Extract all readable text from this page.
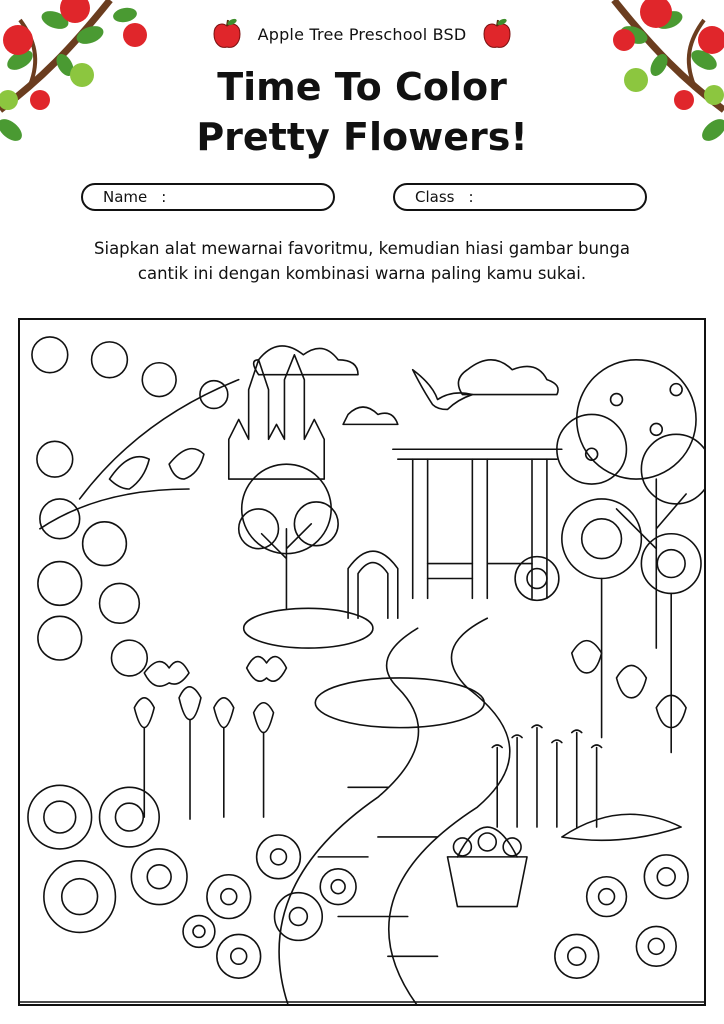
Apple Tree Preschool BSD
Time To Color
Pretty Flowers!
Name :	Class :
Siapkan alat mewarnai favoritmu, kemudian hiasi gambar bunga
cantik ini dengan kombinasi warna paling kamu sukai.
